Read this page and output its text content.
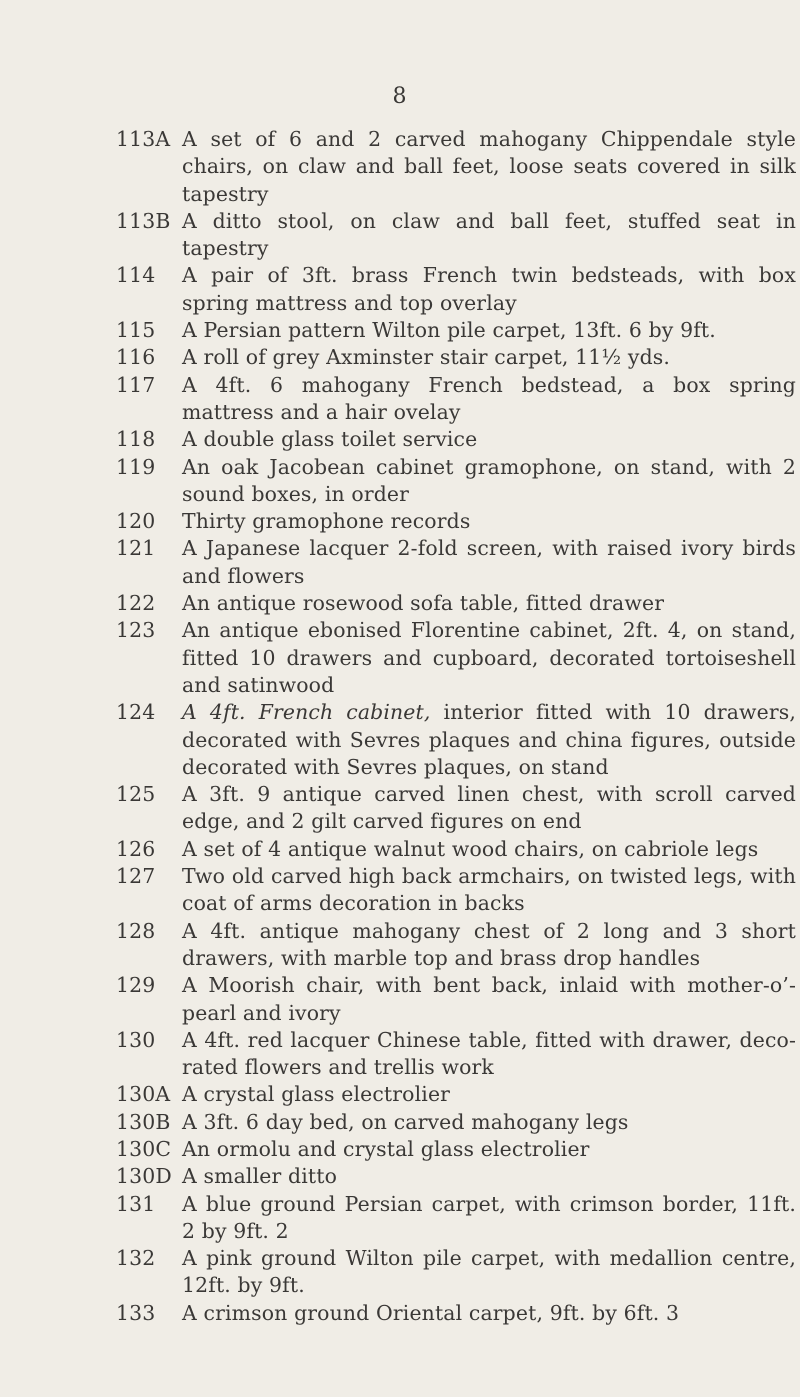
8
113A A set of 6 and 2 carved mahogany Chippendale style chairs, on claw and ball feet, loose seats covered in silk tapestry
113B A ditto stool, on claw and ball feet, stuffed seat in tapestry
114	A pair of 3ft. brass French twin bedsteads, with box spring mattress and top overlay
115	A Persian pattern Wilton pile carpet, 13ft. 6 by 9ft.
116	A roll of grey Axminster stair carpet, 11½ yds.
117	A 4ft. 6 mahogany French bedstead, a box spring mattress and a hair ovelay
118	A double glass toilet service
119	An oak Jacobean cabinet gramophone, on stand, with 2 sound boxes, in order
120	Thirty gramophone records
121	A Japanese lacquer 2-fold screen, with raised ivory birds and flowers
122	An antique rosewood sofa table, fitted drawer
123	An antique ebonised Florentine cabinet, 2ft. 4, on stand, fitted 10 drawers and cupboard, decorated tortoiseshell and satinwood
124	A 4ft. French cabinet, interior fitted with 10 drawers, decorated with Sevres plaques and china figures, outside decorated with Sevres plaques, on stand
125	A 3ft. 9 antique carved linen chest, with scroll carved edge, and 2 gilt carved figures on end
126	A set of 4 antique walnut wood chairs, on cabriole legs
127	Two old carved high back armchairs, on twisted legs, with coat of arms decoration in backs
128	A 4ft. antique mahogany chest of 2 long and 3 short drawers, with marble top and brass drop handles
129	A Moorish chair, with bent back, inlaid with mother-o’-pearl and ivory
130	A 4ft. red lacquer Chinese table, fitted with drawer, deco-rated flowers and trellis work
130A A crystal glass electrolier
130B A 3ft. 6 day bed, on carved mahogany legs
130C An ormolu and crystal glass electrolier
130D A smaller ditto
131	A blue ground Persian carpet, with crimson border, 11ft. 2 by 9ft. 2
132	A pink ground Wilton pile carpet, with medallion centre, 12ft. by 9ft.
133	A crimson ground Oriental carpet, 9ft. by 6ft. 3
